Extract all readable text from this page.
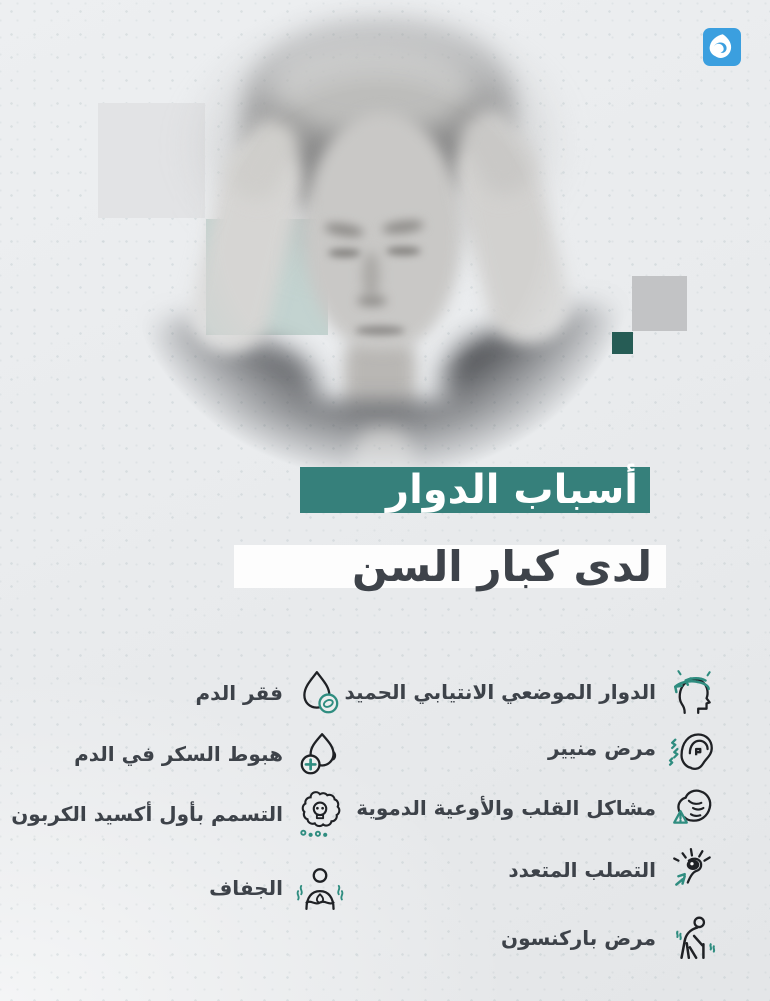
أسباب الدوار
لدى كبار السن
الدوار الموضعي الانتيابي الحميد
مرض منيير
مشاكل القلب والأوعية الدموية
التصلب المتعدد
مرض باركنسون
فقر الدم
هبوط السكر في الدم
التسمم بأول أكسيد الكربون
الجفاف
